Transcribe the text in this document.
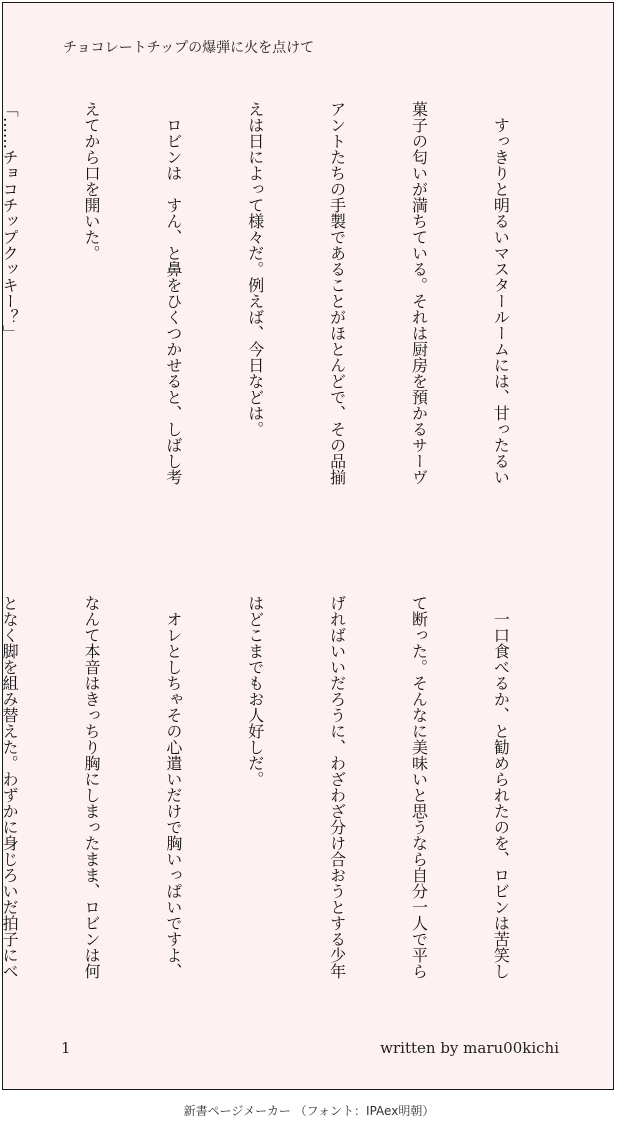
チョコレートチップの爆弾に火を点けて

　すっきりと明るいマスタールームには、甘ったるい

菓子の匂いが満ちている。それは厨房を預かるサーヴ

アントたちの手製であることがほとんどで、その品揃

えは日によって様々だ。例えば、今日などは。

　ロビンは　すん、と鼻をひくつかせると、しばし考

えてから口を開いた。

「……チョコチップクッキー？」

　一口食べるか、と勧められたのを、ロビンは苦笑し

て断った。そんなに美味いと思うなら自分一人で平ら

げればいいだろうに、わざわざ分け合おうとする少年

はどこまでもお人好しだ。

　オレとしちゃその心遣いだけで胸いっぱいですよ、

なんて本音はきっちり胸にしまったまま、ロビンは何

となく脚を組み替えた。わずかに身じろいだ拍子にベ

1	written by maru00kichi
新書ページメーカー （フォント：IPAex明朝）
